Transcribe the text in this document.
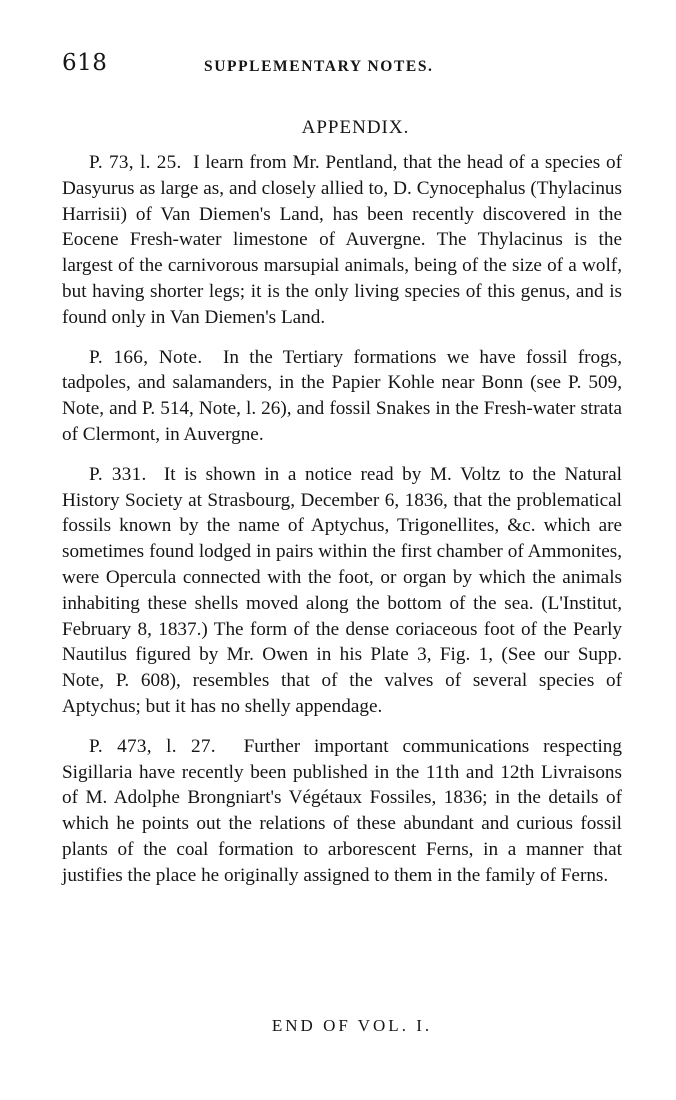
618	SUPPLEMENTARY NOTES.
APPENDIX.

P. 73, l. 25. I learn from Mr. Pentland, that the head of a species of Dasyurus as large as, and closely allied to, D. Cynocephalus (Thylacinus Harrisii) of Van Diemen's Land, has been recently discovered in the Eocene Fresh-water limestone of Auvergne. The Thylacinus is the largest of the carnivorous marsupial animals, being of the size of a wolf, but having shorter legs; it is the only living species of this genus, and is found only in Van Diemen's Land.

P. 166, Note. In the Tertiary formations we have fossil frogs, tadpoles, and salamanders, in the Papier Kohle near Bonn (see P. 509, Note, and P. 514, Note, l. 26), and fossil Snakes in the Fresh-water strata of Clermont, in Auvergne.

P. 331. It is shown in a notice read by M. Voltz to the Natural History Society at Strasbourg, December 6, 1836, that the problematical fossils known by the name of Aptychus, Trigonellites, &c. which are sometimes found lodged in pairs within the first chamber of Ammonites, were Opercula connected with the foot, or organ by which the animals inhabiting these shells moved along the bottom of the sea. (L'Institut, February 8, 1837.) The form of the dense coriaceous foot of the Pearly Nautilus figured by Mr. Owen in his Plate 3, Fig. 1, (See our Supp. Note, P. 608), resembles that of the valves of several species of Aptychus; but it has no shelly appendage.

P. 473, l. 27. Further important communications respecting Sigillaria have recently been published in the 11th and 12th Livraisons of M. Adolphe Brongniart's Végétaux Fossiles, 1836; in the details of which he points out the relations of these abundant and curious fossil plants of the coal formation to arborescent Ferns, in a manner that justifies the place he originally assigned to them in the family of Ferns.

END OF VOL. I.
